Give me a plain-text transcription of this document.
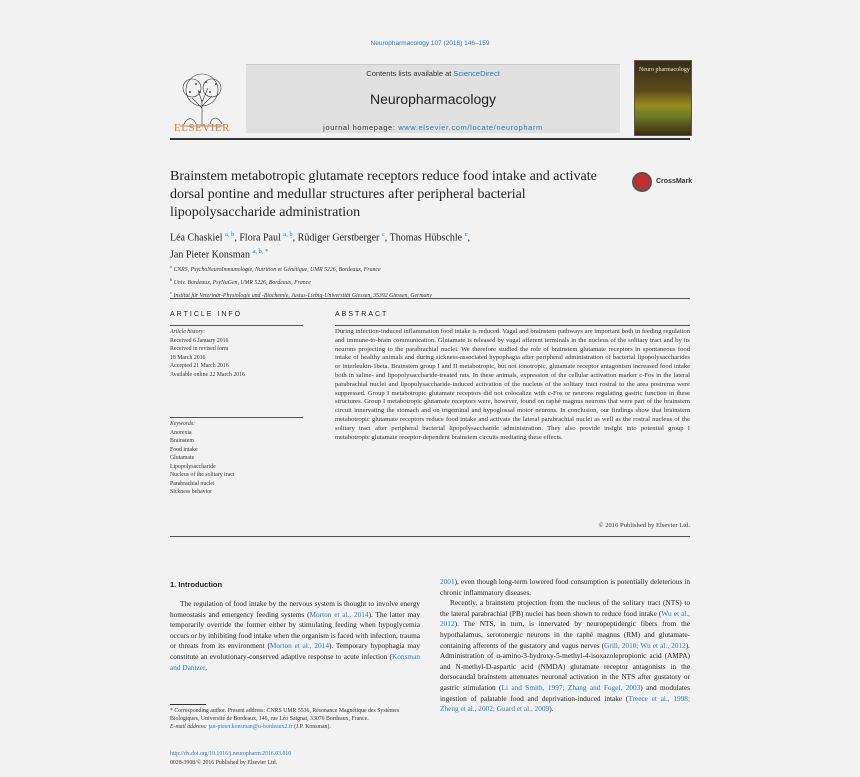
Neuropharmacology 107 (2016) 146–159
ELSEVIER
Contents lists available at ScienceDirect
Neuropharmacology
journal homepage: www.elsevier.com/locate/neuropharm
Neuro pharmacology
Brainstem metabotropic glutamate receptors reduce food intake and activate dorsal pontine and medullar structures after peripheral bacterial lipopolysaccharide administration
CrossMark
Léa Chaskiel $^{a, b}$, Flora Paul $^{a, b}$, Rüdiger Gerstberger $^c$, Thomas Hübschle $^c$,
Jan Pieter Konsman $^{a, b, *}$
$^a$ CNRS, PsychoNeuroImmunologie, Nutrition et Génétique, UMR 5226, Bordeaux, France
$^b$ Univ. Bordeaux, PsyNuGen, UMR 5226, Bordeaux, France
$^c$ Institut für Veterinär-Physiologie und -Biochemie, Justus-Liebig-Universität Giessen, 35392 Giessen, Germany
ARTICLE INFO	ABSTRACT
Article history:
Received 6 January 2016
Received in revised form
18 March 2016
Accepted 21 March 2016
Available online 22 March 2016
Keywords:
Anorexia
Brainstem
Food intake
Glutamate
Lipopolysaccharide
Nucleus of the solitary tract
Parabrachial nuclei
Sickness behavior
During infection-induced inflammation food intake is reduced. Vagal and brainstem pathways are important both in feeding regulation and immune-to-brain communication. Glutamate is released by vagal afferent terminals in the nucleus of the solitary tract and by its neurons projecting to the parabrachial nuclei. We therefore studied the role of brainstem glutamate receptors in spontaneous food intake of healthy animals and during sickness-associated hypophagia after peripheral administration of bacterial lipopolysaccharides or interleukin-1beta. Brainstem group I and II metabotropic, but not ionotropic, glutamate receptor antagonism increased food intake both in saline- and lipopolysaccharide-treated rats. In these animals, expression of the cellular activation marker c-Fos in the lateral parabrachial nuclei and lipopolysaccharide-induced activation of the nucleus of the solitary tract rostral to the area postrema were suppressed. Group I metabotropic glutamate receptors did not colocalize with c-Fos or neurons regulating gastric function in these structures. Group I metabotropic glutamate receptors were, however, found on raphé magnus neurons that were part of the brainstem circuit innervating the stomach and on trigeminal and hypoglossal motor neurons. In conclusion, our findings show that brainstem metabotropic glutamate receptors reduce food intake and activate the lateral parabrachial nuclei as well as the rostral nucleus of the solitary tract after peripheral bacterial lipopolysaccharide administration. They also provide insight into potential group I metabotropic glutamate receptor-dependent brainstem circuits mediating these effects.
© 2016 Published by Elsevier Ltd.
1. Introduction

The regulation of food intake by the nervous system is thought to involve energy homeostasis and emergency feeding systems (Morton et al., 2014). The latter may temporarily override the former either by stimulating feeding when hypoglycemia occurs or by inhibiting food intake when the organism is faced with infection, trauma or threats from its environment (Morton et al., 2014). Temporary hypophagia may constitute an evolutionary-conserved adaptive response to acute infection (Konsman and Dantzer,

2001), even though long-term lowered food consumption is potentially deleterious in chronic inflammatory diseases.

Recently, a brainstem projection from the nucleus of the solitary tract (NTS) to the lateral parabrachial (PB) nuclei has been shown to reduce food intake (Wu et al., 2012). The NTS, in turn, is innervated by neuropeptidergic fibers from the hypothalamus, serotonergic neurons in the raphé magnus (RM) and glutamate-containing afferents of the gustatory and vagus nerves (Grill, 2010; Wu et al., 2012). Administration of α-amino-3-hydroxy-5-methyl-4-isoxazolepropionic acid (AMPA) and N-methyl-D-aspartic acid (NMDA) glutamate receptor antagonists in the dorsocaudal brainstem attenuates neuronal activation in the NTS after gustatory or gastric stimulation (Li and Smith, 1997; Zhang and Fogel, 2003) and modulates ingestion of palatable food and deprivation-induced intake (Treece et al., 1998; Zheng et al., 2002; Guard et al., 2009).

* Corresponding author. Present address: CNRS UMR 5536, Résonance Magnétique des Systèmes Biologiques, Université de Bordeaux, 146, rue Léo Saignat, 33076 Bordeaux, France.
E-mail address: jan-pieter.konsman@u-bordeaux2.fr (J.P. Konsman).
http://dx.doi.org/10.1016/j.neuropharm.2016.03.010
0028-3908/© 2016 Published by Elsevier Ltd.
